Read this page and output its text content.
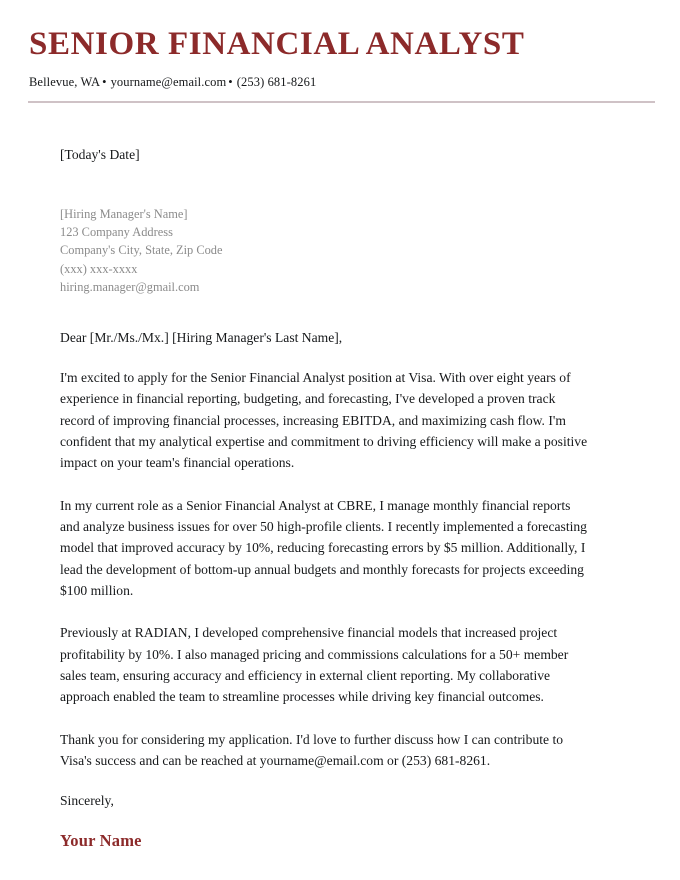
SENIOR FINANCIAL ANALYST
Bellevue, WA • yourname@email.com • (253) 681-8261
[Today's Date]
[Hiring Manager's Name]
123 Company Address
Company's City, State, Zip Code
(xxx) xxx-xxxx
hiring.manager@gmail.com
Dear [Mr./Ms./Mx.] [Hiring Manager's Last Name],

I'm excited to apply for the Senior Financial Analyst position at Visa. With over eight years of experience in financial reporting, budgeting, and forecasting, I've developed a proven track record of improving financial processes, increasing EBITDA, and maximizing cash flow. I'm confident that my analytical expertise and commitment to driving efficiency will make a positive impact on your team's financial operations.

In my current role as a Senior Financial Analyst at CBRE, I manage monthly financial reports and analyze business issues for over 50 high-profile clients. I recently implemented a forecasting model that improved accuracy by 10%, reducing forecasting errors by $5 million. Additionally, I lead the development of bottom-up annual budgets and monthly forecasts for projects exceeding $100 million.

Previously at RADIAN, I developed comprehensive financial models that increased project profitability by 10%. I also managed pricing and commissions calculations for a 50+ member sales team, ensuring accuracy and efficiency in external client reporting. My collaborative approach enabled the team to streamline processes while driving key financial outcomes.

Thank you for considering my application. I'd love to further discuss how I can contribute to Visa's success and can be reached at yourname@email.com or (253) 681-8261.

Sincerely,
Your Name
